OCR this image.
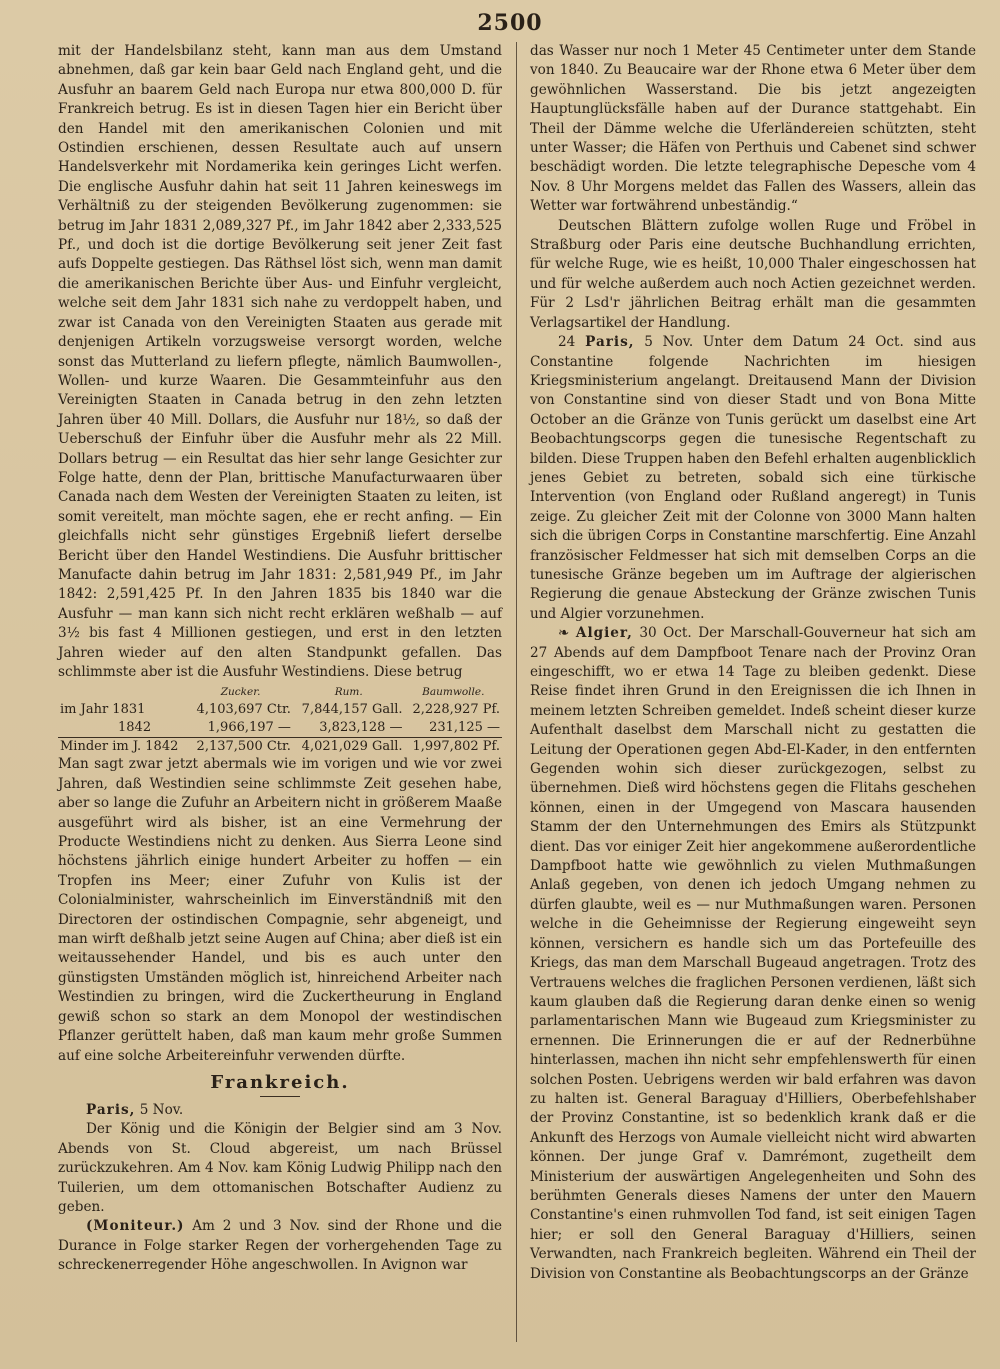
2500

mit der Handelsbilanz steht, kann man aus dem Umstand abnehmen, daß gar kein baar Geld nach England geht, und die Ausfuhr an baarem Geld nach Europa nur etwa 800,000 D. für Frankreich betrug. Es ist in diesen Tagen hier ein Bericht über den Handel mit den amerikanischen Colonien und mit Ostindien erschienen, dessen Resultate auch auf unsern Handelsverkehr mit Nordamerika kein geringes Licht werfen. Die englische Ausfuhr dahin hat seit 11 Jahren keineswegs im Verhältniß zu der steigenden Bevölkerung zugenommen: sie betrug im Jahr 1831 2,089,327 Pf., im Jahr 1842 aber 2,333,525 Pf., und doch ist die dortige Bevölkerung seit jener Zeit fast aufs Doppelte gestiegen. Das Räthsel löst sich, wenn man damit die amerikanischen Berichte über Aus- und Einfuhr vergleicht, welche seit dem Jahr 1831 sich nahe zu verdoppelt haben, und zwar ist Canada von den Vereinigten Staaten aus gerade mit denjenigen Artikeln vorzugsweise versorgt worden, welche sonst das Mutterland zu liefern pflegte, nämlich Baumwollen-, Wollen- und kurze Waaren. Die Gesammteinfuhr aus den Vereinigten Staaten in Canada betrug in den zehn letzten Jahren über 40 Mill. Dollars, die Ausfuhr nur 18½, so daß der Ueberschuß der Einfuhr über die Ausfuhr mehr als 22 Mill. Dollars betrug — ein Resultat das hier sehr lange Gesichter zur Folge hatte, denn der Plan, brittische Manufacturwaaren über Canada nach dem Westen der Vereinigten Staaten zu leiten, ist somit vereitelt, man möchte sagen, ehe er recht anfing. — Ein gleichfalls nicht sehr günstiges Ergebniß liefert derselbe Bericht über den Handel Westindiens. Die Ausfuhr brittischer Manufacte dahin betrug im Jahr 1831: 2,581,949 Pf., im Jahr 1842: 2,591,425 Pf. In den Jahren 1835 bis 1840 war die Ausfuhr — man kann sich nicht recht erklären weßhalb — auf 3½ bis fast 4 Millionen gestiegen, und erst in den letzten Jahren wieder auf den alten Standpunkt gefallen. Das schlimmste aber ist die Ausfuhr Westindiens. Diese betrug

	Zucker.	Rum.	Baumwolle.
im Jahr 1831	4,103,697 Ctr.	7,844,157 Gall.	2,228,927 Pf.
1842	1,966,197 —	3,823,128 —	231,125 —
Minder im J. 1842	2,137,500 Ctr.	4,021,029 Gall.	1,997,802 Pf.

Man sagt zwar jetzt abermals wie im vorigen und wie vor zwei Jahren, daß Westindien seine schlimmste Zeit gesehen habe, aber so lange die Zufuhr an Arbeitern nicht in größerem Maaße ausgeführt wird als bisher, ist an eine Vermehrung der Producte Westindiens nicht zu denken. Aus Sierra Leone sind höchstens jährlich einige hundert Arbeiter zu hoffen — ein Tropfen ins Meer; einer Zufuhr von Kulis ist der Colonialminister, wahrscheinlich im Einverständniß mit den Directoren der ostindischen Compagnie, sehr abgeneigt, und man wirft deßhalb jetzt seine Augen auf China; aber dieß ist ein weitaussehender Handel, und bis es auch unter den günstigsten Umständen möglich ist, hinreichend Arbeiter nach Westindien zu bringen, wird die Zuckertheurung in England gewiß schon so stark an dem Monopol der westindischen Pflanzer gerüttelt haben, daß man kaum mehr große Summen auf eine solche Arbeitereinfuhr verwenden dürfte.

Frankreich.

Paris, 5 Nov.

Der König und die Königin der Belgier sind am 3 Nov. Abends von St. Cloud abgereist, um nach Brüssel zurückzukehren. Am 4 Nov. kam König Ludwig Philipp nach den Tuilerien, um dem ottomanischen Botschafter Audienz zu geben.

(Moniteur.) Am 2 und 3 Nov. sind der Rhone und die Durance in Folge starker Regen der vorhergehenden Tage zu schreckenerregender Höhe angeschwollen. In Avignon war

das Wasser nur noch 1 Meter 45 Centimeter unter dem Stande von 1840. Zu Beaucaire war der Rhone etwa 6 Meter über dem gewöhnlichen Wasserstand. Die bis jetzt angezeigten Hauptunglücksfälle haben auf der Durance stattgehabt. Ein Theil der Dämme welche die Uferländereien schützten, steht unter Wasser; die Häfen von Perthuis und Cabenet sind schwer beschädigt worden. Die letzte telegraphische Depesche vom 4 Nov. 8 Uhr Morgens meldet das Fallen des Wassers, allein das Wetter war fortwährend unbeständig.“

Deutschen Blättern zufolge wollen Ruge und Fröbel in Straßburg oder Paris eine deutsche Buchhandlung errichten, für welche Ruge, wie es heißt, 10,000 Thaler eingeschossen hat und für welche außerdem auch noch Actien gezeichnet werden. Für 2 Lsd'r jährlichen Beitrag erhält man die gesammten Verlagsartikel der Handlung.

24 Paris, 5 Nov. Unter dem Datum 24 Oct. sind aus Constantine folgende Nachrichten im hiesigen Kriegsministerium angelangt. Dreitausend Mann der Division von Constantine sind von dieser Stadt und von Bona Mitte October an die Gränze von Tunis gerückt um daselbst eine Art Beobachtungscorps gegen die tunesische Regentschaft zu bilden. Diese Truppen haben den Befehl erhalten augenblicklich jenes Gebiet zu betreten, sobald sich eine türkische Intervention (von England oder Rußland angeregt) in Tunis zeige. Zu gleicher Zeit mit der Colonne von 3000 Mann halten sich die übrigen Corps in Constantine marschfertig. Eine Anzahl französischer Feldmesser hat sich mit demselben Corps an die tunesische Gränze begeben um im Auftrage der algierischen Regierung die genaue Absteckung der Gränze zwischen Tunis und Algier vorzunehmen.

❧ Algier, 30 Oct. Der Marschall-Gouverneur hat sich am 27 Abends auf dem Dampfboot Tenare nach der Provinz Oran eingeschifft, wo er etwa 14 Tage zu bleiben gedenkt. Diese Reise findet ihren Grund in den Ereignissen die ich Ihnen in meinem letzten Schreiben gemeldet. Indeß scheint dieser kurze Aufenthalt daselbst dem Marschall nicht zu gestatten die Leitung der Operationen gegen Abd-El-Kader, in den entfernten Gegenden wohin sich dieser zurückgezogen, selbst zu übernehmen. Dieß wird höchstens gegen die Flitahs geschehen können, einen in der Umgegend von Mascara hausenden Stamm der den Unternehmungen des Emirs als Stützpunkt dient. Das vor einiger Zeit hier angekommene außerordentliche Dampfboot hatte wie gewöhnlich zu vielen Muthmaßungen Anlaß gegeben, von denen ich jedoch Umgang nehmen zu dürfen glaubte, weil es — nur Muthmaßungen waren. Personen welche in die Geheimnisse der Regierung eingeweiht seyn können, versichern es handle sich um das Portefeuille des Kriegs, das man dem Marschall Bugeaud angetragen. Trotz des Vertrauens welches die fraglichen Personen verdienen, läßt sich kaum glauben daß die Regierung daran denke einen so wenig parlamentarischen Mann wie Bugeaud zum Kriegsminister zu ernennen. Die Erinnerungen die er auf der Rednerbühne hinterlassen, machen ihn nicht sehr empfehlenswerth für einen solchen Posten. Uebrigens werden wir bald erfahren was davon zu halten ist. General Baraguay d'Hilliers, Oberbefehlshaber der Provinz Constantine, ist so bedenklich krank daß er die Ankunft des Herzogs von Aumale vielleicht nicht wird abwarten können. Der junge Graf v. Damrémont, zugetheilt dem Ministerium der auswärtigen Angelegenheiten und Sohn des berühmten Generals dieses Namens der unter den Mauern Constantine's einen ruhmvollen Tod fand, ist seit einigen Tagen hier; er soll den General Baraguay d'Hilliers, seinen Verwandten, nach Frankreich begleiten. Während ein Theil der Division von Constantine als Beobachtungscorps an der Gränze
